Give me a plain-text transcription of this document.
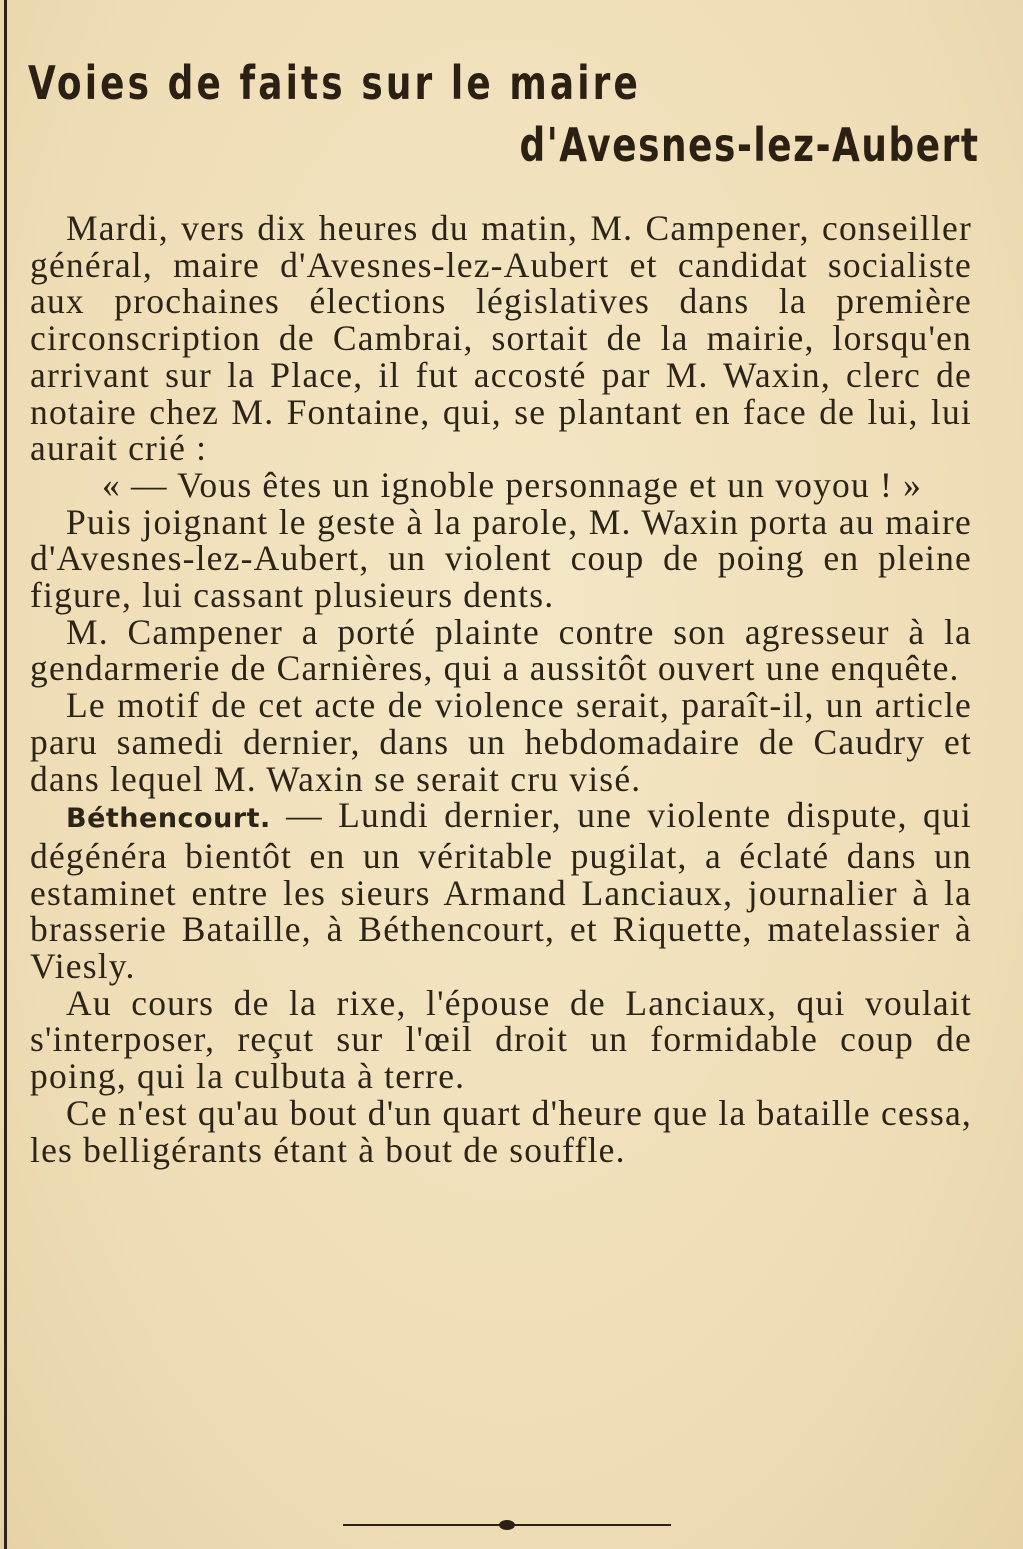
Voies de faits sur le maire
d'Avesnes-lez-Aubert

Mardi, vers dix heures du matin, M. Campener, conseiller général, maire d'Avesnes-lez-Aubert et candidat socialiste aux prochaines élections législatives dans la première circonscription de Cambrai, sortait de la mairie, lorsqu'en arrivant sur la Place, il fut accosté par M. Waxin, clerc de notaire chez M. Fontaine, qui, se plantant en face de lui, lui aurait crié :

« — Vous êtes un ignoble personnage et un voyou ! »

Puis joignant le geste à la parole, M. Waxin porta au maire d'Avesnes-lez-Aubert, un violent coup de poing en pleine figure, lui cassant plusieurs dents.

M. Campener a porté plainte contre son agresseur à la gendarmerie de Carnières, qui a aussitôt ouvert une enquête.

Le motif de cet acte de violence serait, paraît-il, un article paru samedi dernier, dans un hebdomadaire de Caudry et dans lequel M. Waxin se serait cru visé.

Béthencourt. — Lundi dernier, une violente dispute, qui dégénéra bientôt en un véritable pugilat, a éclaté dans un estaminet entre les sieurs Armand Lanciaux, journalier à la brasserie Bataille, à Béthencourt, et Riquette, matelassier à Viesly.

Au cours de la rixe, l'épouse de Lanciaux, qui voulait s'interposer, reçut sur l'œil droit un formidable coup de poing, qui la culbuta à terre.

Ce n'est qu'au bout d'un quart d'heure que la bataille cessa, les belligérants étant à bout de souffle.
